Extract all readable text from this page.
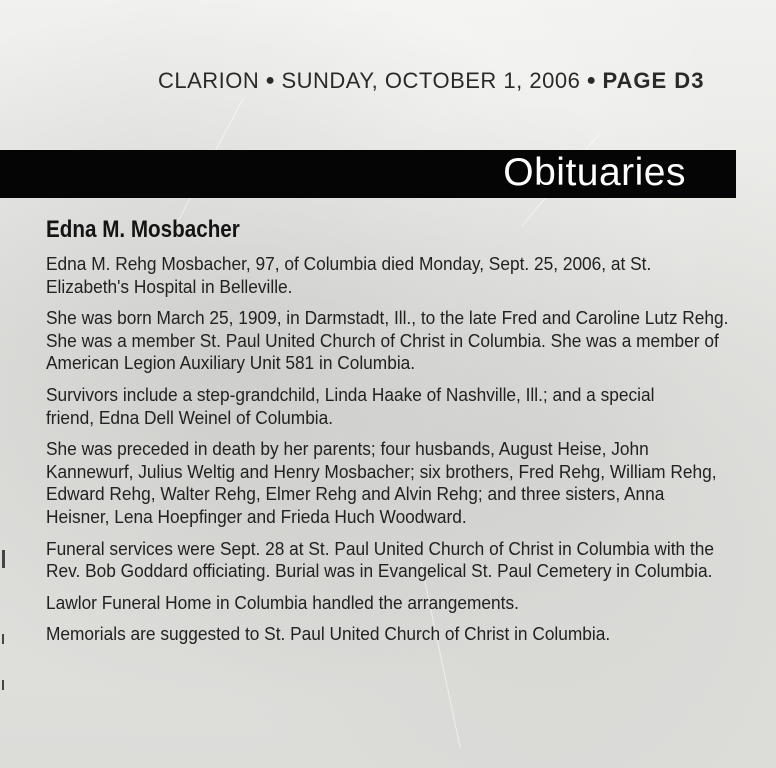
CLARION ● SUNDAY, OCTOBER 1, 2006 ● PAGE D3
Obituaries
Edna M. Mosbacher

Edna M. Rehg Mosbacher, 97, of Columbia died Monday, Sept. 25, 2006, at St. Elizabeth's Hospital in Belleville.

She was born March 25, 1909, in Darmstadt, Ill., to the late Fred and Caroline Lutz Rehg. She was a member St. Paul United Church of Christ in Columbia. She was a member of American Legion Auxiliary Unit 581 in Columbia.

Survivors include a step-grandchild, Linda Haake of Nashville, Ill.; and a special friend, Edna Dell Weinel of Columbia.

She was preceded in death by her parents; four husbands, August Heise, John Kannewurf, Julius Weltig and Henry Mosbacher; six brothers, Fred Rehg, William Rehg, Edward Rehg, Walter Rehg, Elmer Rehg and Alvin Rehg; and three sisters, Anna Heisner, Lena Hoepfinger and Frieda Huch Woodward.

Funeral services were Sept. 28 at St. Paul United Church of Christ in Columbia with the Rev. Bob Goddard officiating. Burial was in Evangelical St. Paul Cemetery in Columbia.

Lawlor Funeral Home in Columbia handled the arrangements.

Memorials are suggested to St. Paul United Church of Christ in Columbia.
